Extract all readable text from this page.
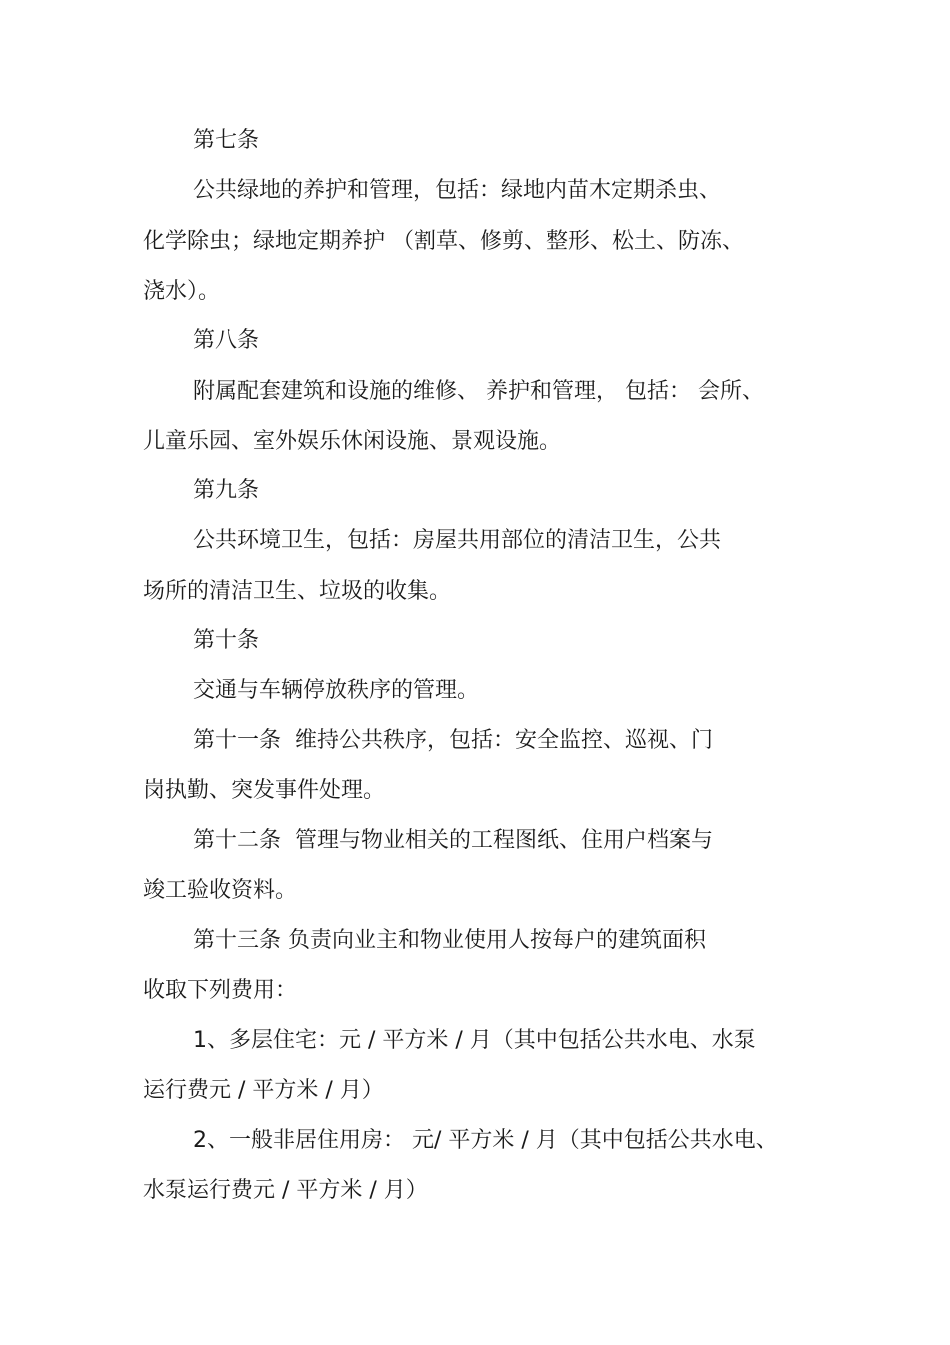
第七条
公共绿地的养护和管理，包括：绿地内苗木定期杀虫、
化学除虫；绿地定期养护 （割草、修剪、整形、松土、防冻、
浇水）。
第八条
附属配套建筑和设施的维修、 养护和管理， 包括： 会所、
儿童乐园、室外娱乐休闲设施、景观设施。
第九条
公共环境卫生，包括：房屋共用部位的清洁卫生，公共
场所的清洁卫生、垃圾的收集。
第十条
交通与车辆停放秩序的管理。
第十一条  维持公共秩序，包括：安全监控、巡视、门
岗执勤、突发事件处理。
第十二条  管理与物业相关的工程图纸、住用户档案与
竣工验收资料。
第十三条 负责向业主和物业使用人按每户的建筑面积
收取下列费用：
1、多层住宅：元 / 平方米 / 月（其中包括公共水电、水泵
运行费元 / 平方米 / 月）
2、一般非居住用房： 元/ 平方米 / 月（其中包括公共水电、
水泵运行费元 / 平方米 / 月）
